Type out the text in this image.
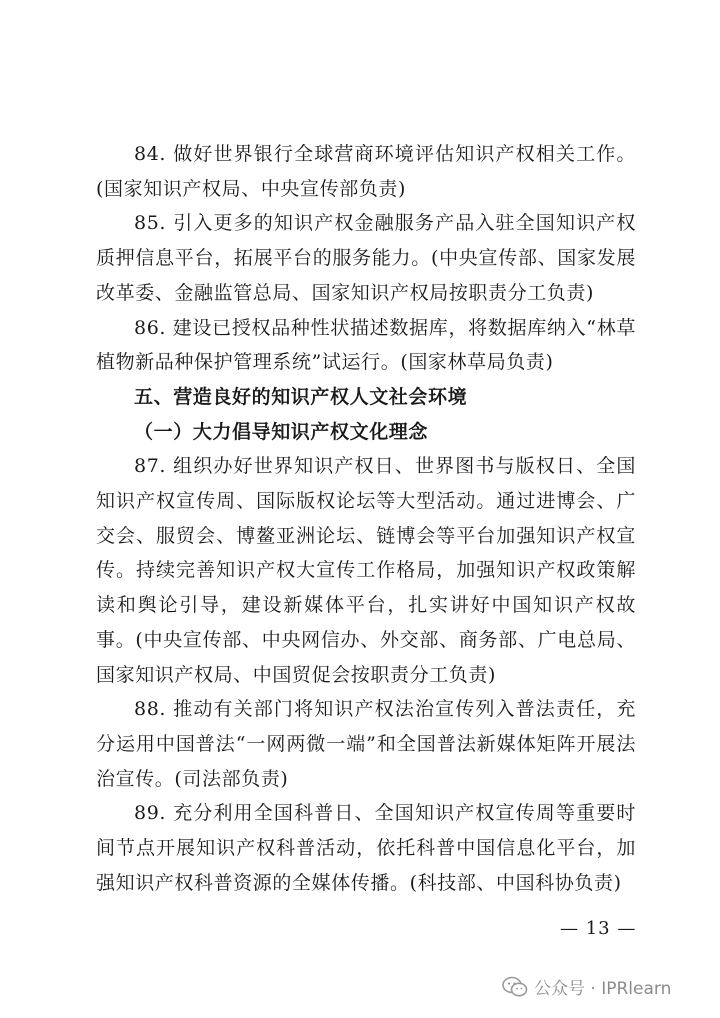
84. 做好世界银行全球营商环境评估知识产权相关工作。(国家知识产权局、中央宣传部负责)

85. 引入更多的知识产权金融服务产品入驻全国知识产权质押信息平台，拓展平台的服务能力。(中央宣传部、国家发展改革委、金融监管总局、国家知识产权局按职责分工负责)

86. 建设已授权品种性状描述数据库，将数据库纳入“林草植物新品种保护管理系统”试运行。(国家林草局负责)

五、营造良好的知识产权人文社会环境

（一）大力倡导知识产权文化理念

87. 组织办好世界知识产权日、世界图书与版权日、全国知识产权宣传周、国际版权论坛等大型活动。通过进博会、广交会、服贸会、博鳌亚洲论坛、链博会等平台加强知识产权宣传。持续完善知识产权大宣传工作格局，加强知识产权政策解读和舆论引导，建设新媒体平台，扎实讲好中国知识产权故事。(中央宣传部、中央网信办、外交部、商务部、广电总局、国家知识产权局、中国贸促会按职责分工负责)

88. 推动有关部门将知识产权法治宣传列入普法责任，充分运用中国普法“一网两微一端”和全国普法新媒体矩阵开展法治宣传。(司法部负责)

89. 充分利用全国科普日、全国知识产权宣传周等重要时间节点开展知识产权科普活动，依托科普中国信息化平台，加强知识产权科普资源的全媒体传播。(科技部、中国科协负责)

— 13 —
公众号 · IPRlearn
